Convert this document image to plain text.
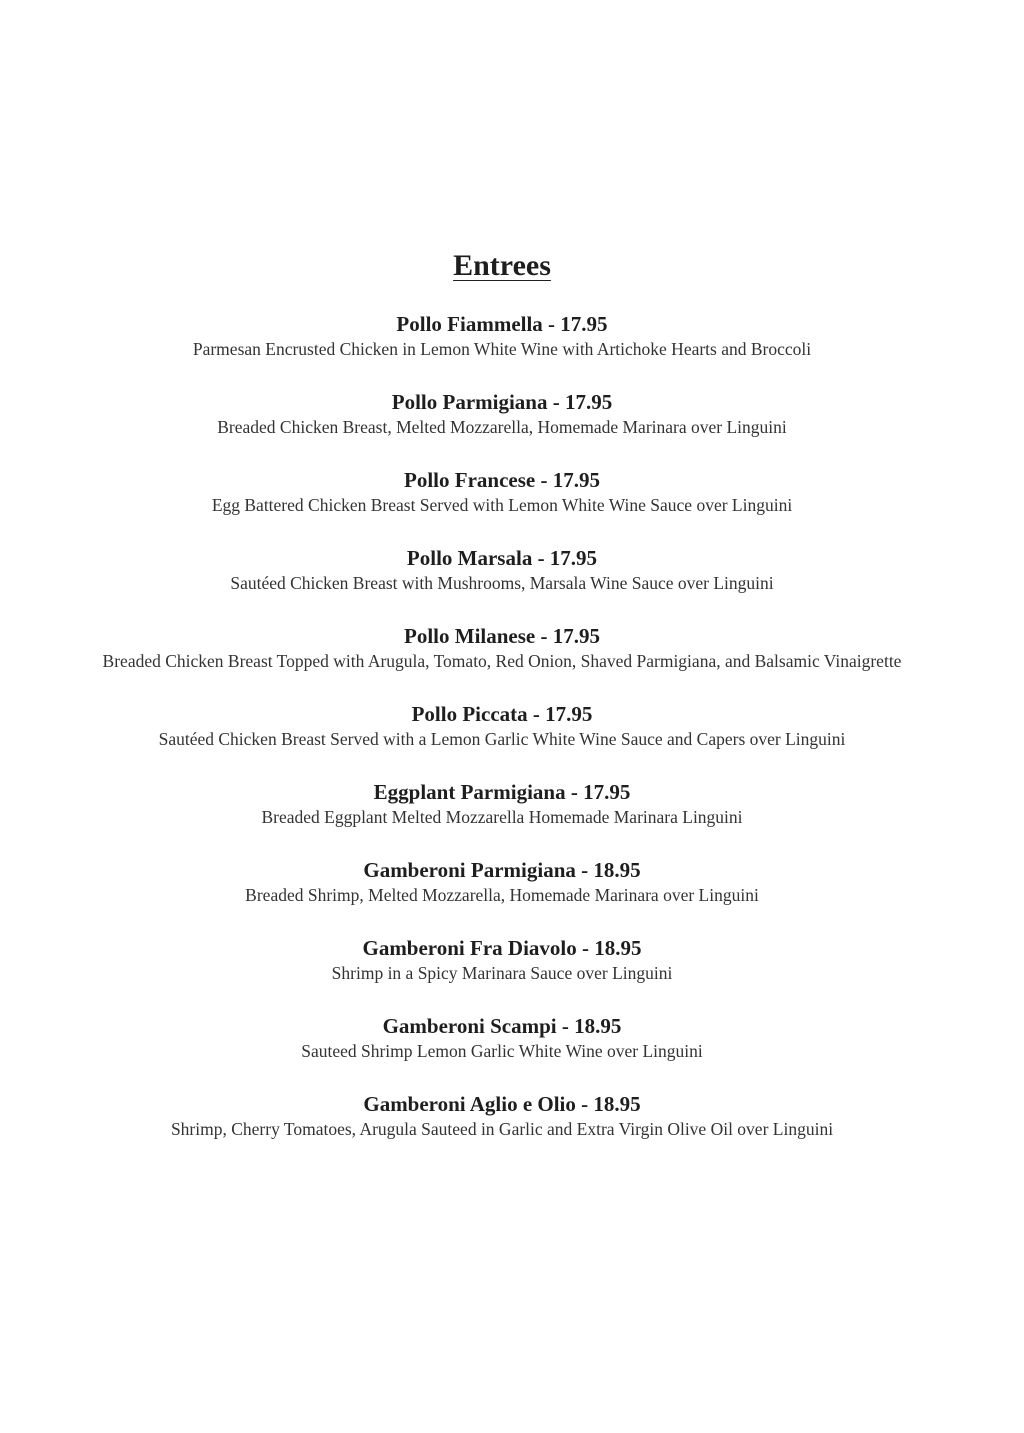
Entrees
Pollo Fiammella - 17.95
Parmesan Encrusted Chicken in Lemon White Wine with Artichoke Hearts and Broccoli
Pollo Parmigiana - 17.95
Breaded Chicken Breast, Melted Mozzarella, Homemade Marinara over Linguini
Pollo Francese - 17.95
Egg Battered Chicken Breast Served with Lemon White Wine Sauce over Linguini
Pollo Marsala - 17.95
Sautéed Chicken Breast with Mushrooms, Marsala Wine Sauce over Linguini
Pollo Milanese - 17.95
Breaded Chicken Breast Topped with Arugula, Tomato, Red Onion, Shaved Parmigiana, and Balsamic Vinaigrette
Pollo Piccata - 17.95
Sautéed Chicken Breast Served with a Lemon Garlic White Wine Sauce and Capers over Linguini
Eggplant Parmigiana - 17.95
Breaded Eggplant Melted Mozzarella Homemade Marinara Linguini
Gamberoni Parmigiana - 18.95
Breaded Shrimp, Melted Mozzarella, Homemade Marinara over Linguini
Gamberoni Fra Diavolo - 18.95
Shrimp in a Spicy Marinara Sauce over Linguini
Gamberoni Scampi - 18.95
Sauteed Shrimp Lemon Garlic White Wine over Linguini
Gamberoni Aglio e Olio - 18.95
Shrimp, Cherry Tomatoes, Arugula Sauteed in Garlic and Extra Virgin Olive Oil over Linguini
